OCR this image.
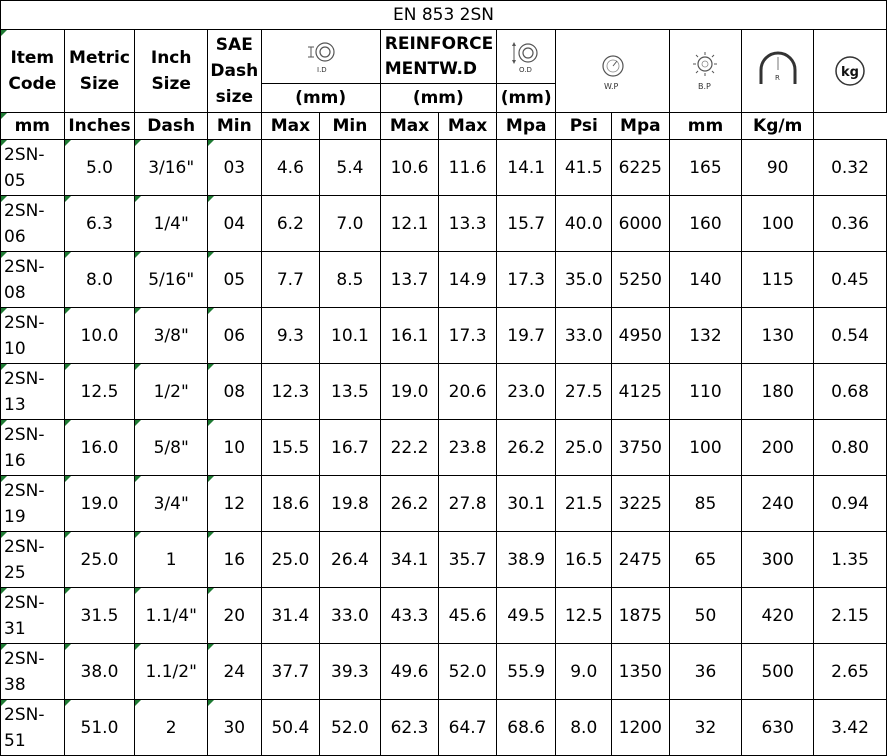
EN 853 2SN													
Item Code	Metric Size	Inch Size	SAE Dash size	I.D		REINFORCE MENTW.D		O.D	W.P		B.P	R	kg

				(mm)		(mm)		(mm)					
mm	Inches	Dash	Min	Max	Min	Max	Max	Mpa	Psi	Mpa	mm	Kg/m	

2SN-
05	5.0	3/16"	03	4.6	5.4	10.6	11.6	14.1	41.5	6225	165	90	0.32

2SN-
06	6.3	1/4"	04	6.2	7.0	12.1	13.3	15.7	40.0	6000	160	100	0.36

2SN-
08	8.0	5/16"	05	7.7	8.5	13.7	14.9	17.3	35.0	5250	140	115	0.45

2SN-
10	10.0	3/8"	06	9.3	10.1	16.1	17.3	19.7	33.0	4950	132	130	0.54

2SN-
13	12.5	1/2"	08	12.3	13.5	19.0	20.6	23.0	27.5	4125	110	180	0.68

2SN-
16	16.0	5/8"	10	15.5	16.7	22.2	23.8	26.2	25.0	3750	100	200	0.80

2SN-
19	19.0	3/4"	12	18.6	19.8	26.2	27.8	30.1	21.5	3225	85	240	0.94

2SN-
25	25.0	1	16	25.0	26.4	34.1	35.7	38.9	16.5	2475	65	300	1.35

2SN-
31	31.5	1.1/4"	20	31.4	33.0	43.3	45.6	49.5	12.5	1875	50	420	2.15

2SN-
38	38.0	1.1/2"	24	37.7	39.3	49.6	52.0	55.9	9.0	1350	36	500	2.65

2SN-
51	51.0	2	30	50.4	52.0	62.3	64.7	68.6	8.0	1200	32	630	3.42
